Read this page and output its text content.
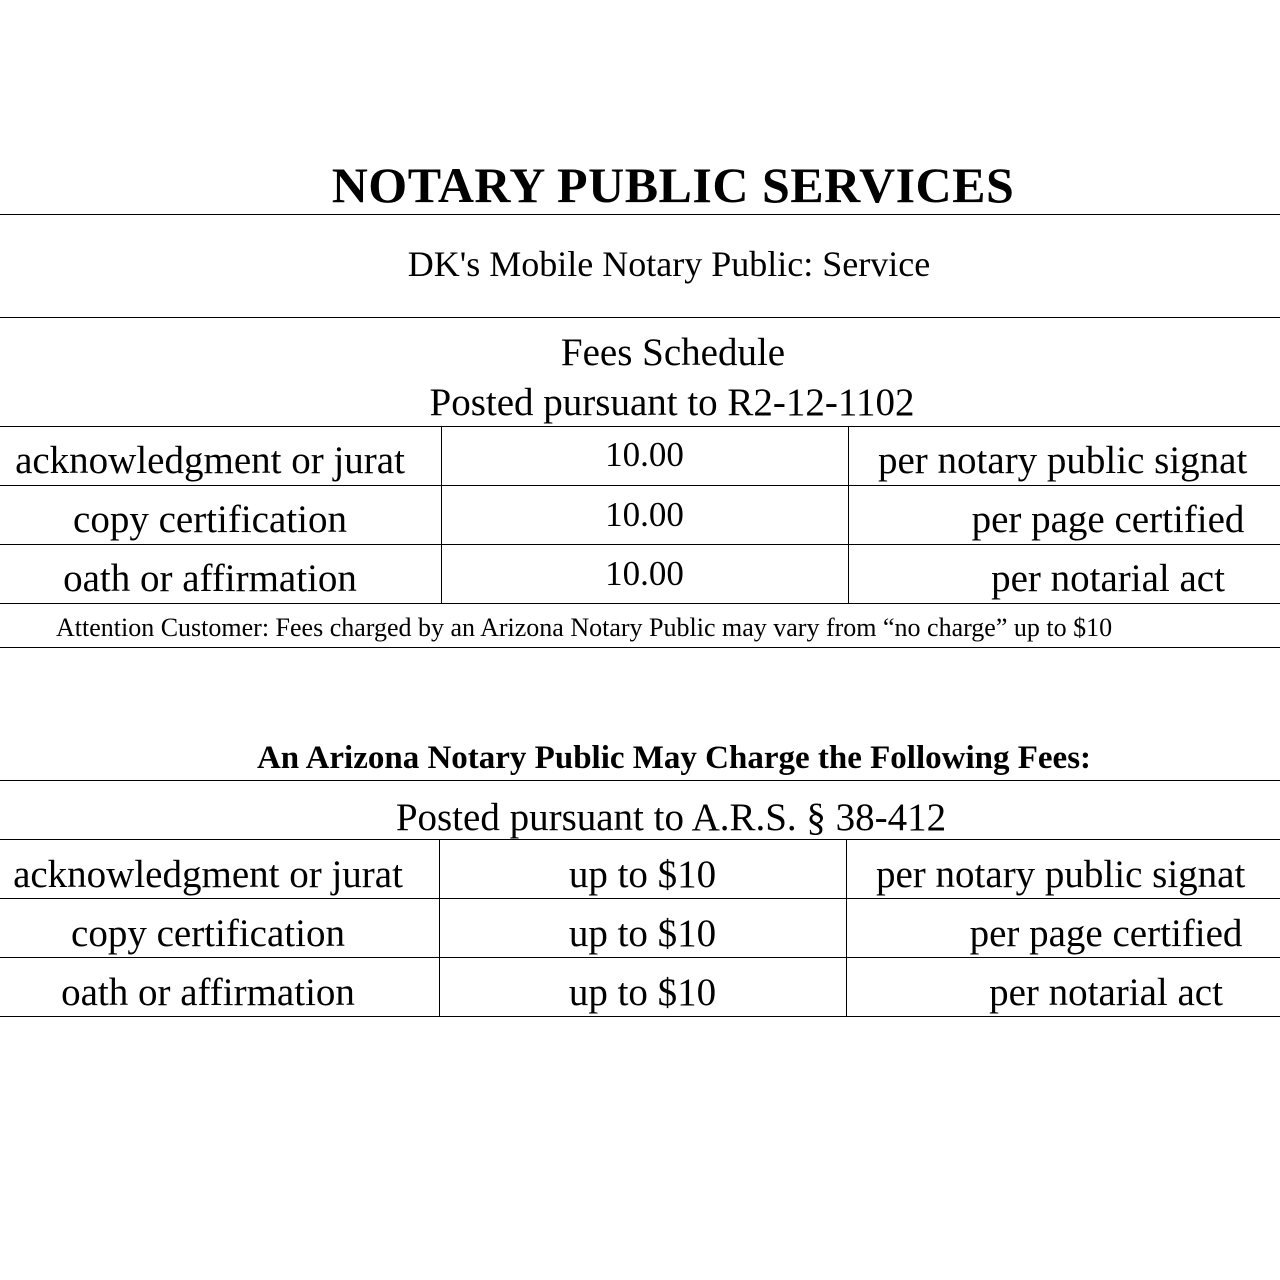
NOTARY PUBLIC SERVICES
DK's Mobile Notary Public: Service
Fees Schedule
Posted pursuant to R2-12-1102
acknowledgment or jurat	10.00	per notary public signat
copy certification	10.00	per page certified
oath or affirmation	10.00	per notarial act
Attention Customer: Fees charged by an Arizona Notary Public may vary from “no charge” up to $10
An Arizona Notary Public May Charge the Following Fees:
Posted pursuant to A.R.S. § 38-412
acknowledgment or jurat	up to $10	per notary public signat
copy certification	up to $10	per page certified
oath or affirmation	up to $10	per notarial act
